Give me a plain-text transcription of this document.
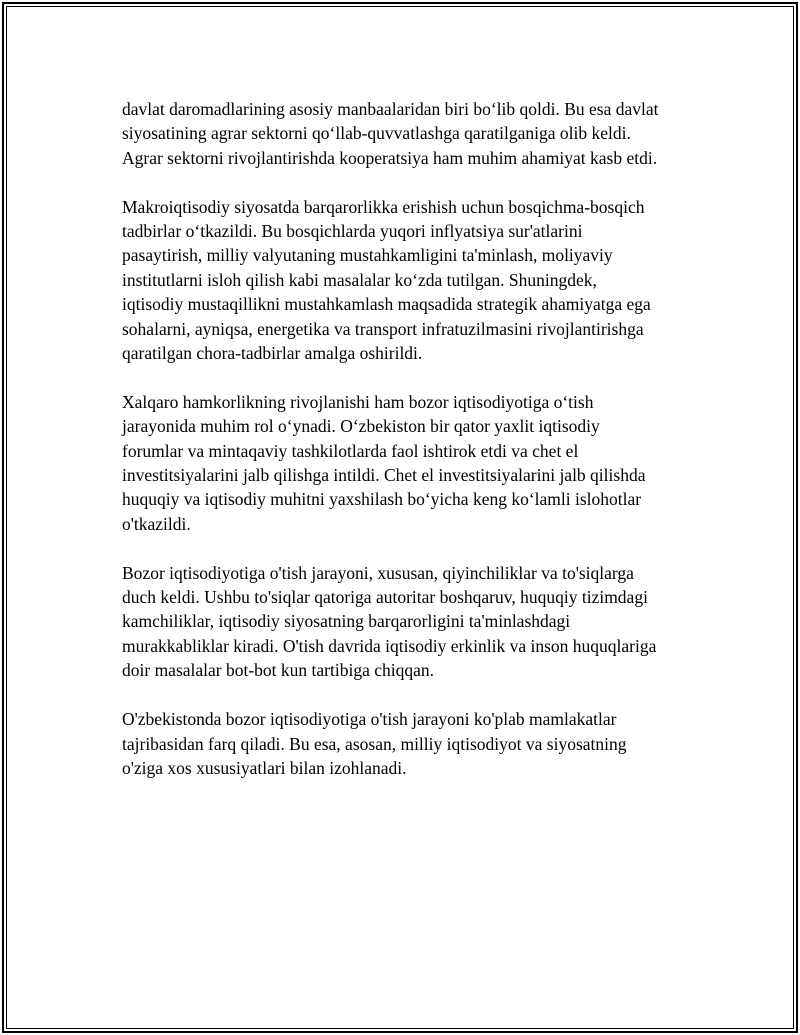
davlat daromadlarining asosiy manbaalaridan biri bo‘lib qoldi. Bu esa davlat
siyosatining agrar sektorni qo‘llab-quvvatlashga qaratilganiga olib keldi.
Agrar sektorni rivojlantirishda kooperatsiya ham muhim ahamiyat kasb etdi.

Makroiqtisodiy siyosatda barqarorlikka erishish uchun bosqichma-bosqich
tadbirlar o‘tkazildi. Bu bosqichlarda yuqori inflyatsiya sur'atlarini
pasaytirish, milliy valyutaning mustahkamligini ta'minlash, moliyaviy
institutlarni isloh qilish kabi masalalar ko‘zda tutilgan. Shuningdek,
iqtisodiy mustaqillikni mustahkamlash maqsadida strategik ahamiyatga ega
sohalarni, ayniqsa, energetika va transport infratuzilmasini rivojlantirishga
qaratilgan chora-tadbirlar amalga oshirildi.

Xalqaro hamkorlikning rivojlanishi ham bozor iqtisodiyotiga o‘tish
jarayonida muhim rol o‘ynadi. O‘zbekiston bir qator yaxlit iqtisodiy
forumlar va mintaqaviy tashkilotlarda faol ishtirok etdi va chet el
investitsiyalarini jalb qilishga intildi. Chet el investitsiyalarini jalb qilishda
huquqiy va iqtisodiy muhitni yaxshilash bo‘yicha keng ko‘lamli islohotlar
o'tkazildi.

Bozor iqtisodiyotiga o'tish jarayoni, xususan, qiyinchiliklar va to'siqlarga
duch keldi. Ushbu to'siqlar qatoriga autoritar boshqaruv, huquqiy tizimdagi
kamchiliklar, iqtisodiy siyosatning barqarorligini ta'minlashdagi
murakkabliklar kiradi. O'tish davrida iqtisodiy erkinlik va inson huquqlariga
doir masalalar bot-bot kun tartibiga chiqqan.

O'zbekistonda bozor iqtisodiyotiga o'tish jarayoni ko'plab mamlakatlar
tajribasidan farq qiladi. Bu esa, asosan, milliy iqtisodiyot va siyosatning
o'ziga xos xususiyatlari bilan izohlanadi.
